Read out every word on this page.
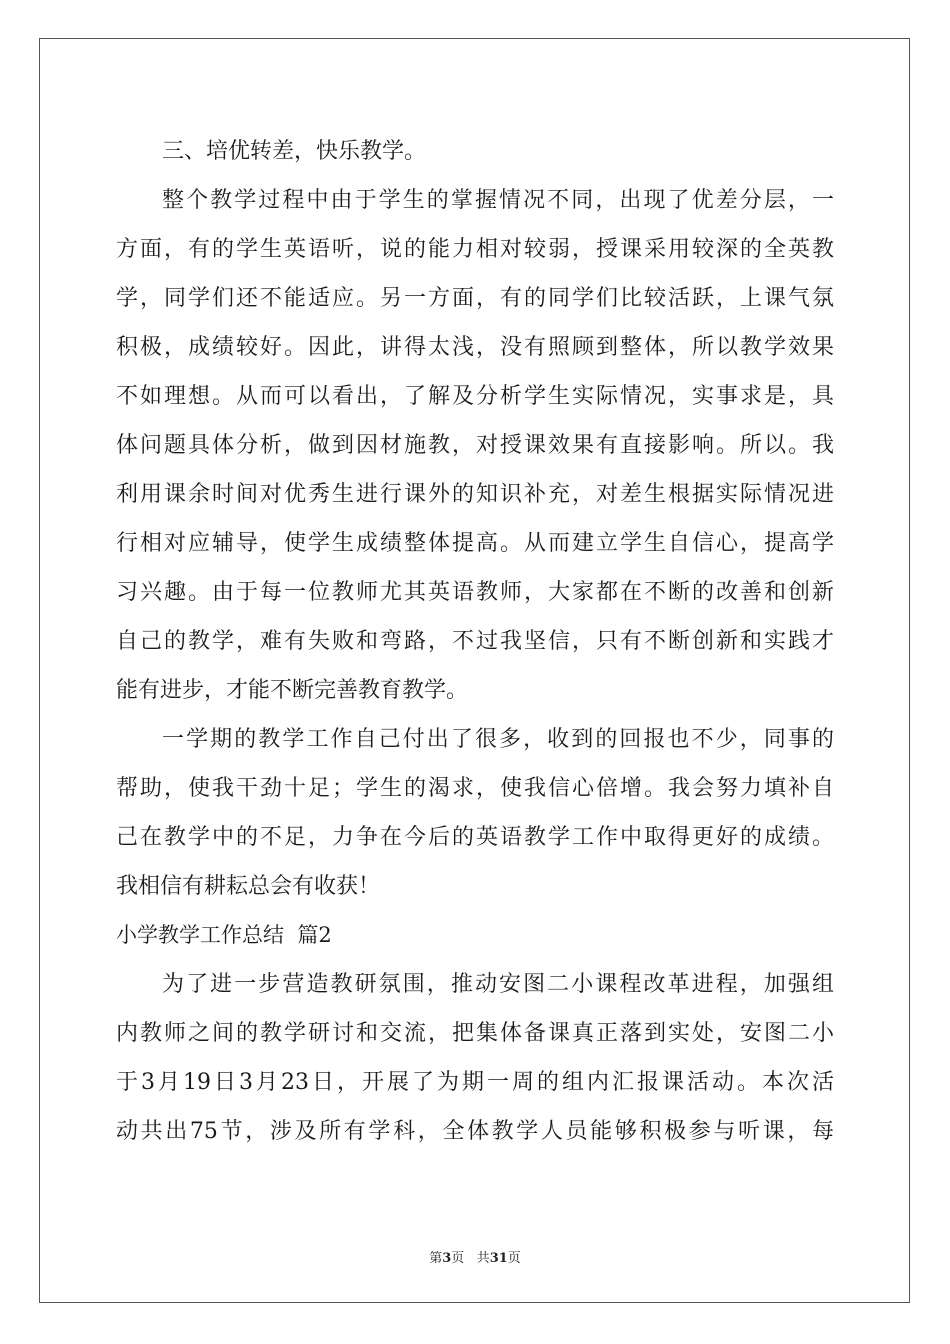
三、培优转差，快乐教学。
整个教学过程中由于学生的掌握情况不同，出现了优差分层，一
方面，有的学生英语听，说的能力相对较弱，授课采用较深的全英教
学，同学们还不能适应。另一方面，有的同学们比较活跃，上课气氛
积极，成绩较好。因此，讲得太浅，没有照顾到整体，所以教学效果
不如理想。从而可以看出，了解及分析学生实际情况，实事求是，具
体问题具体分析，做到因材施教，对授课效果有直接影响。所以。我
利用课余时间对优秀生进行课外的知识补充，对差生根据实际情况进
行相对应辅导，使学生成绩整体提高。从而建立学生自信心，提高学
习兴趣。由于每一位教师尤其英语教师，大家都在不断的改善和创新
自己的教学，难有失败和弯路，不过我坚信，只有不断创新和实践才
能有进步，才能不断完善教育教学。
一学期的教学工作自己付出了很多，收到的回报也不少，同事的
帮助，使我干劲十足；学生的渴求，使我信心倍增。我会努力填补自
己在教学中的不足，力争在今后的英语教学工作中取得更好的成绩。
我相信有耕耘总会有收获！
小学教学工作总结  篇2
为了进一步营造教研氛围，推动安图二小课程改革进程，加强组
内教师之间的教学研讨和交流，把集体备课真正落到实处，安图二小
于3月19日3月23日，开展了为期一周的组内汇报课活动。本次活
动共出75节，涉及所有学科，全体教学人员能够积极参与听课，每
第3页 共31页
